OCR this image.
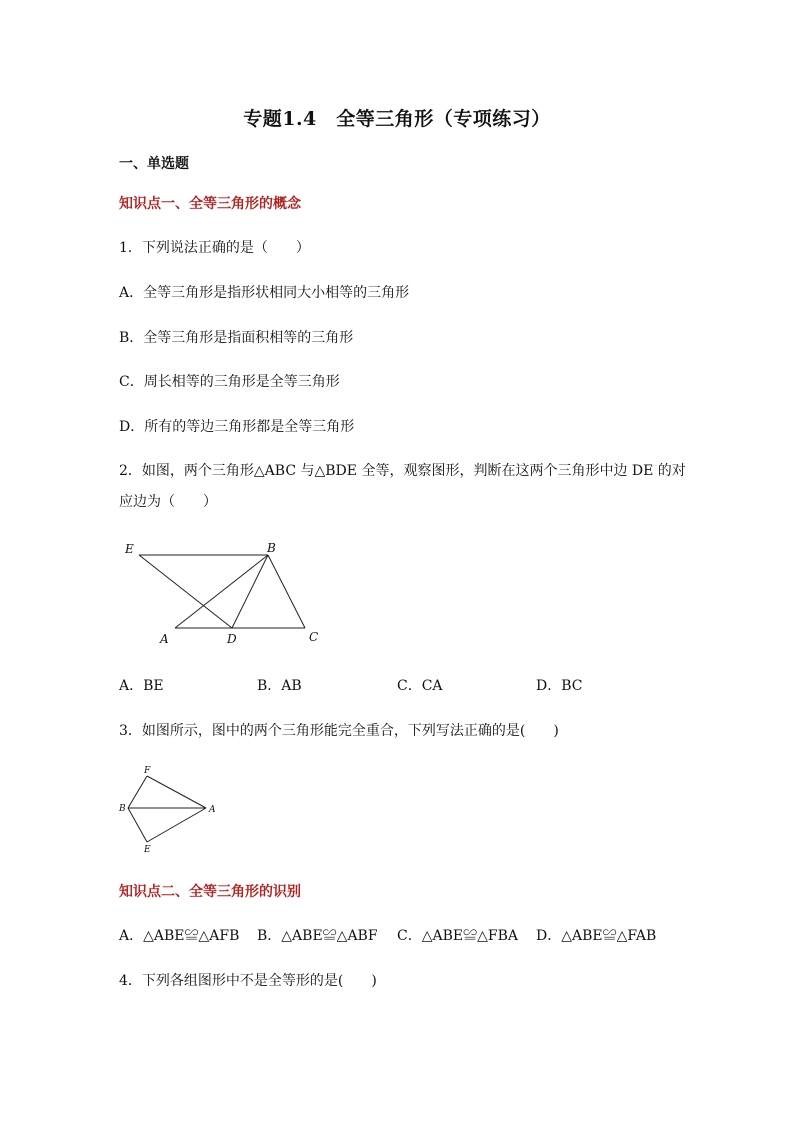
专题1.4　全等三角形（专项练习）
一、单选题
知识点一、全等三角形的概念
1．下列说法正确的是（　　）
A．全等三角形是指形状相同大小相等的三角形
B．全等三角形是指面积相等的三角形
C．周长相等的三角形是全等三角形
D．所有的等边三角形都是全等三角形
2．如图，两个三角形△ABC 与△BDE 全等，观察图形，判断在这两个三角形中边 DE 的对
应边为（　　）
E	B
A	D	C
A．BE	B．AB	C．CA	D．BC
3．如图所示，图中的两个三角形能完全重合，下列写法正确的是(　　)
F
B	A
E
知识点二、全等三角形的识别
A．△ABE≌△AFB B．△ABE≌△ABF C．△ABE≌△FBA D．△ABE≌△FAB
4．下列各组图形中不是全等形的是(　　)
